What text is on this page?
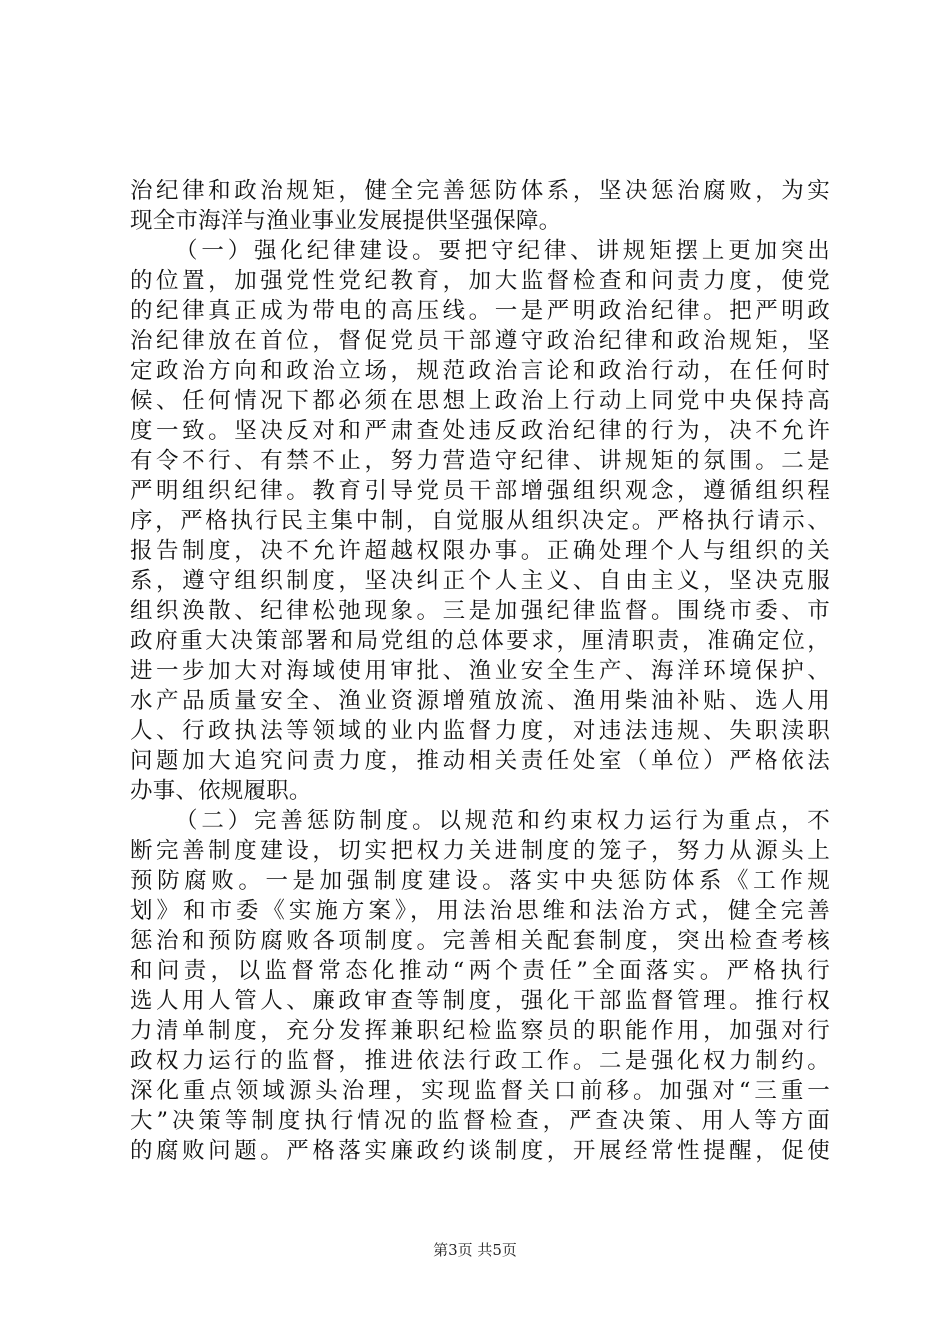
治纪律和政治规矩，健全完善惩防体系，坚决惩治腐败，为实
现全市海洋与渔业事业发展提供坚强保障。
（一）强化纪律建设。要把守纪律、讲规矩摆上更加突出
的位置，加强党性党纪教育，加大监督检查和问责力度，使党
的纪律真正成为带电的高压线。一是严明政治纪律。把严明政
治纪律放在首位，督促党员干部遵守政治纪律和政治规矩，坚
定政治方向和政治立场，规范政治言论和政治行动，在任何时
候、任何情况下都必须在思想上政治上行动上同党中央保持高
度一致。坚决反对和严肃查处违反政治纪律的行为，决不允许
有令不行、有禁不止，努力营造守纪律、讲规矩的氛围。二是
严明组织纪律。教育引导党员干部增强组织观念，遵循组织程
序，严格执行民主集中制，自觉服从组织决定。严格执行请示、
报告制度，决不允许超越权限办事。正确处理个人与组织的关
系，遵守组织制度，坚决纠正个人主义、自由主义，坚决克服
组织涣散、纪律松弛现象。三是加强纪律监督。围绕市委、市
政府重大决策部署和局党组的总体要求，厘清职责，准确定位，
进一步加大对海域使用审批、渔业安全生产、海洋环境保护、
水产品质量安全、渔业资源增殖放流、渔用柴油补贴、选人用
人、行政执法等领域的业内监督力度，对违法违规、失职渎职
问题加大追究问责力度，推动相关责任处室（单位）严格依法
办事、依规履职。
（二）完善惩防制度。以规范和约束权力运行为重点，不
断完善制度建设，切实把权力关进制度的笼子，努力从源头上
预防腐败。一是加强制度建设。落实中央惩防体系《工作规
划》和市委《实施方案》，用法治思维和法治方式，健全完善
惩治和预防腐败各项制度。完善相关配套制度，突出检查考核
和问责，以监督常态化推动“两个责任”全面落实。严格执行
选人用人管人、廉政审查等制度，强化干部监督管理。推行权
力清单制度，充分发挥兼职纪检监察员的职能作用，加强对行
政权力运行的监督，推进依法行政工作。二是强化权力制约。
深化重点领域源头治理，实现监督关口前移。加强对“三重一
大”决策等制度执行情况的监督检查，严查决策、用人等方面
的腐败问题。严格落实廉政约谈制度，开展经常性提醒，促使
第3页 共5页
